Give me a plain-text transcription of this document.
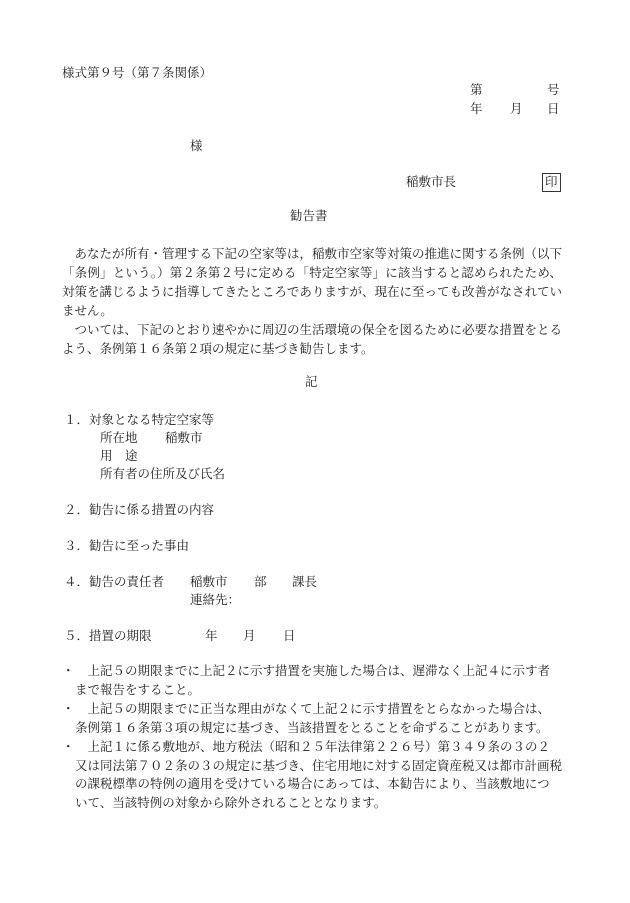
様式第９号（第７条関係）
第	号
年 月 日
様
稲敷市長	印
勧告書
　あなたが所有・管理する下記の空家等は，稲敷市空家等対策の推進に関する条例（以下「条例」という。）第２条第２号に定める「特定空家等」に該当すると認められたため、対策を講じるように指導してきたところでありますが、現在に至っても改善がなされていません。
　ついては、下記のとおり速やかに周辺の生活環境の保全を図るために必要な措置をとるよう、条例第１６条第２項の規定に基づき勧告します。
記
１．対象となる特定空家等
所在地 稲敷市
用　途
所有者の住所及び氏名
２．勧告に係る措置の内容
３．勧告に至った事由
４．勧告の責任者 稲敷市 部 課長
連絡先：
５．措置の期限	年 月 日
・ 　上記５の期限までに上記２に示す措置を実施した場合は、遅滞なく上記４に示す者まで報告をすること。
・ 　上記５の期限までに正当な理由がなくて上記２に示す措置をとらなかった場合は、条例第１６条第３項の規定に基づき、当該措置をとることを命ずることがあります。
・ 　上記１に係る敷地が、地方税法（昭和２５年法律第２２６号）第３４９条の３の２又は同法第７０２条の３の規定に基づき、住宅用地に対する固定資産税又は都市計画税の課税標準の特例の適用を受けている場合にあっては、本勧告により、当該敷地について、当該特例の対象から除外されることとなります。
